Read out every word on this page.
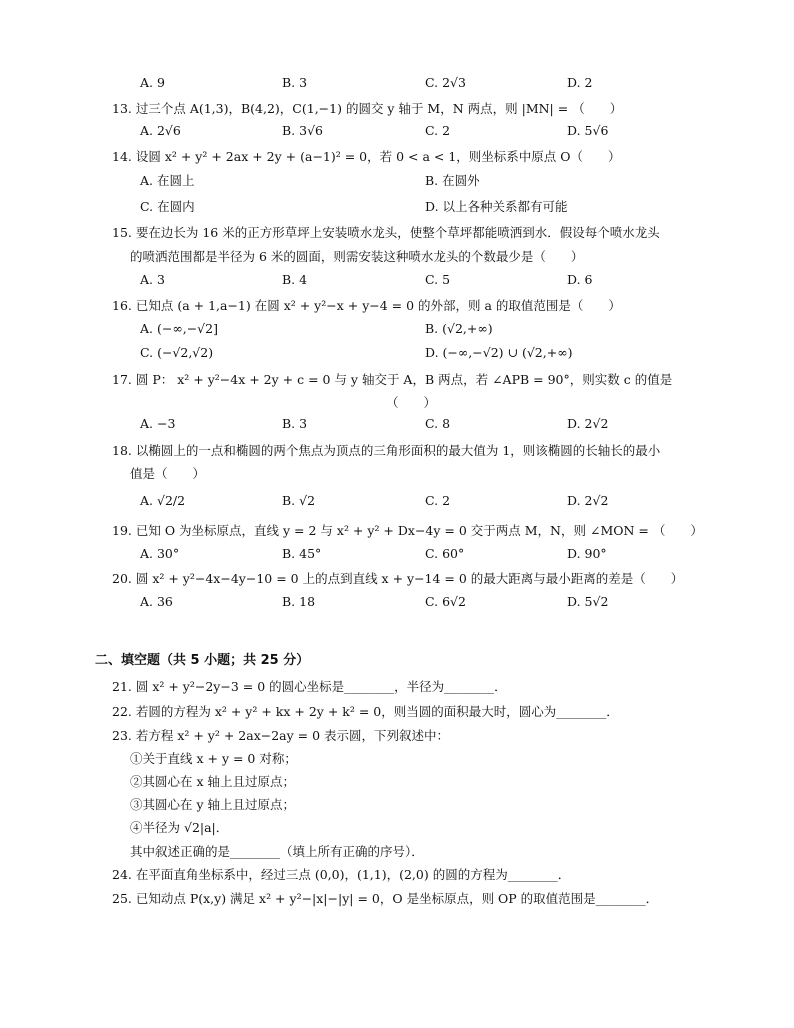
A. 9	B. 3	C. 2√3	D. 2
13. 过三个点 A(1,3)，B(4,2)，C(1,−1) 的圆交 y 轴于 M，N 两点，则 |MN| = （　　）
A. 2√6	B. 3√6	C. 2	D. 5√6
14. 设圆 x² + y² + 2ax + 2y + (a−1)² = 0，若 0 < a < 1，则坐标系中原点 O（　　）
A. 在圆上	B. 在圆外
C. 在圆内	D. 以上各种关系都有可能
15. 要在边长为 16 米的正方形草坪上安装喷水龙头，使整个草坪都能喷洒到水．假设每个喷水龙头
的喷洒范围都是半径为 6 米的圆面，则需安装这种喷水龙头的个数最少是（　　）
A. 3	B. 4	C. 5	D. 6
16. 已知点 (a + 1,a−1) 在圆 x² + y²−x + y−4 = 0 的外部，则 a 的取值范围是（　　）
A. (−∞,−√2]	B. (√2,+∞)
C. (−√2,√2)	D. (−∞,−√2) ∪ (√2,+∞)
17. 圆 P： x² + y²−4x + 2y + c = 0 与 y 轴交于 A，B 两点，若 ∠APB = 90°，则实数 c 的值是
（　　）
A. −3	B. 3	C. 8	D. 2√2
18. 以椭圆上的一点和椭圆的两个焦点为顶点的三角形面积的最大值为 1，则该椭圆的长轴长的最小
值是（　　）
A. √2/2	B. √2	C. 2	D. 2√2
19. 已知 O 为坐标原点，直线 y = 2 与 x² + y² + Dx−4y = 0 交于两点 M，N，则 ∠MON = （　　）
A. 30°	B. 45°	C. 60°	D. 90°
20. 圆 x² + y²−4x−4y−10 = 0 上的点到直线 x + y−14 = 0 的最大距离与最小距离的差是（　　）
A. 36	B. 18	C. 6√2	D. 5√2
二、填空题（共 5 小题；共 25 分）
21. 圆 x² + y²−2y−3 = 0 的圆心坐标是________，半径为________．
22. 若圆的方程为 x² + y² + kx + 2y + k² = 0，则当圆的面积最大时，圆心为________．
23. 若方程 x² + y² + 2ax−2ay = 0 表示圆，下列叙述中：
①关于直线 x + y = 0 对称；
②其圆心在 x 轴上且过原点；
③其圆心在 y 轴上且过原点；
④半径为 √2|a|．
其中叙述正确的是________（填上所有正确的序号）．
24. 在平面直角坐标系中，经过三点 (0,0)，(1,1)，(2,0) 的圆的方程为________．
25. 已知动点 P(x,y) 满足 x² + y²−|x|−|y| = 0，O 是坐标原点，则 OP 的取值范围是________．
